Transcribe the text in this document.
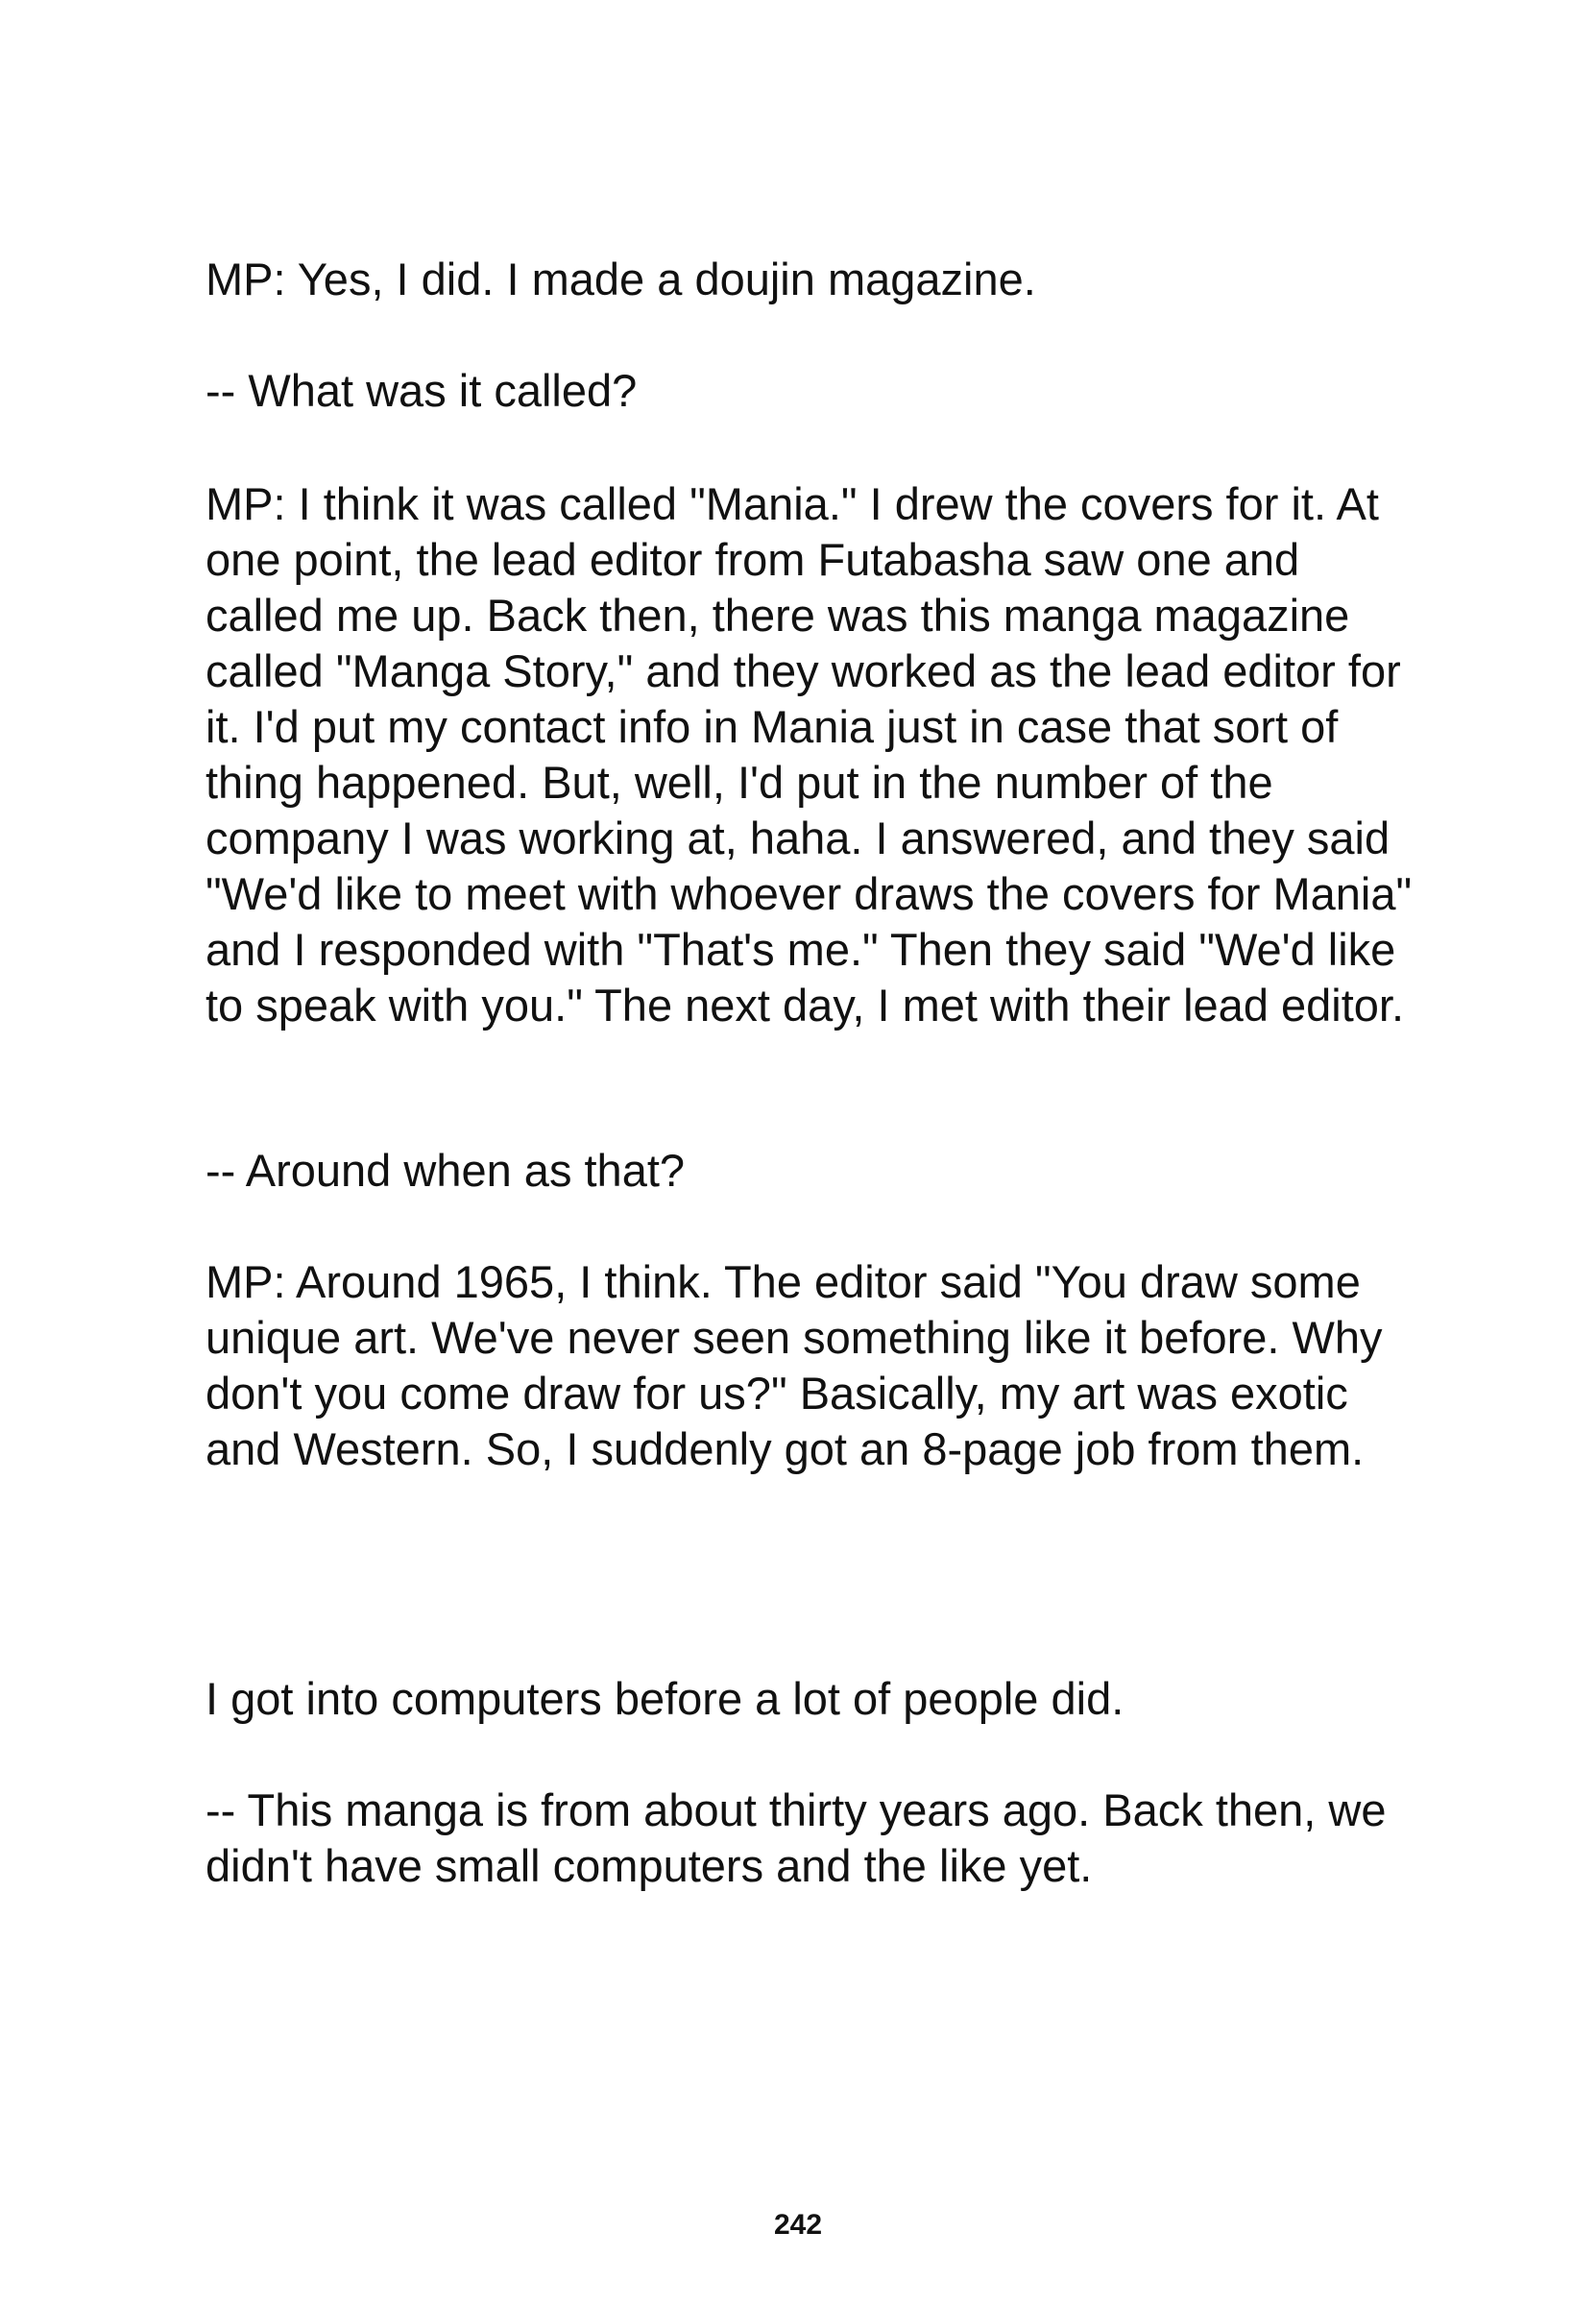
MP: Yes, I did. I made a doujin magazine.

-- What was it called?

MP: I think it was called "Mania." I drew the covers for it. At one point, the lead editor from Futabasha saw one and called me up. Back then, there was this manga magazine called "Manga Story," and they worked as the lead editor for it. I'd put my contact info in Mania just in case that sort of thing happened. But, well, I'd put in the number of the company I was working at, haha. I answered, and they said "We'd like to meet with whoever draws the covers for Mania" and I responded with "That's me." Then they said "We'd like to speak with you." The next day, I met with their lead editor.

-- Around when as that?

MP: Around 1965, I think. The editor said "You draw some unique art. We've never seen something like it before. Why don't you come draw for us?" Basically, my art was exotic and Western. So, I suddenly got an 8-page job from them.

I got into computers before a lot of people did.

-- This manga is from about thirty years ago. Back then, we didn't have small computers and the like yet.

242
